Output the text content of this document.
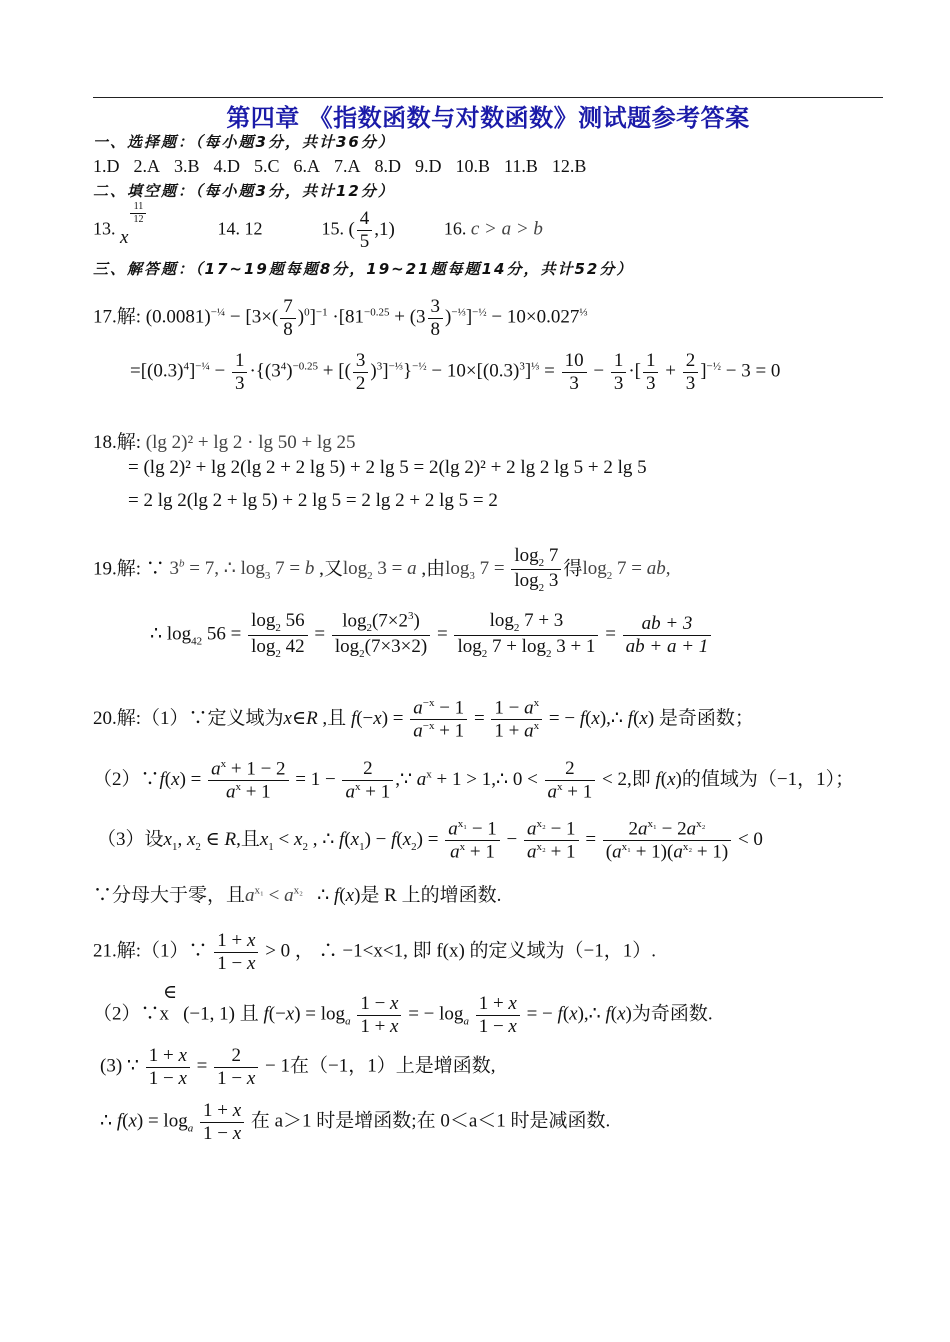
第四章 《指数函数与对数函数》测试题参考答案
一、选择题：（每小题3分，共计36分）
1.D 2.A 3.B 4.D 5.C 6.A 7.A 8.D 9.D 10.B 11.B 12.B
二、填空题：（每小题3分，共计12分）
13. x
$^{\frac{11}{12}}$
14. 12	15. ( $\frac{4}{5} ,1$)	16. c > a > b
三、解答题：（17~19题每题8分，19~21题每题14分，共计52分）
17.解: $(0.0081)^{-\frac{1}{4}} - [3\times( \frac{7}{8} )^0]^{-1} \cdot[81^{-0.25} + (3 \frac{3}{8} )^{-\frac{1}{3}}]^{-\frac{1}{2}} - 10\times 0.027^{\frac{1}{3}}$
$=[(0.3)^4]^{-\frac{1}{4}} - \frac{1}{3} \cdot\{(3^4)^{-0.25}$ + [( $\frac{3}{2} )^3]^{-\frac{1}{3}}\}^{-\frac{1}{2}} - 10\times[(0.3)^3]^{\frac{1}{3}} = \frac{10}{3} - \frac{1}{3}$ ·[ $\frac{1}{3} + \frac{2}{3} ]^{-\frac{1}{2}} - 3 = 0$
18.解: (lg 2)² + lg 2 · lg 50 + lg 25
= (lg 2)² + lg 2(lg 2 + 2 lg 5) + 2 lg 5 = 2(lg 2)² + 2 lg 2 lg 5 + 2 lg 5
= 2 lg 2(lg 2 + lg 5) + 2 lg 5 = 2 lg 2 + 2 lg 5 = 2
19.解: ∵ $3^b = 7$, ∴ $\log_3 7 = b$ ,又$\log_2 3 = a$ ,由$\log_3 7 = \frac{\log_2 7}{\log_2 3}$ 得$\log_2 7$ = ab,
∴ $\log_{42} 56 = \frac{\log_2 56}{\log_2 42} = \frac{\log_2(7\times 2^3)}{\log_2(7\times 3\times 2)} = \frac{\log_2 7 + 3}{\log_2 7 + \log_2 3 + 1} = \frac{ab + 3}{ab + a + 1}$
20.解:（1）∵定义域为x∈R ,且 $f(-x) = \frac{a^{-x} - 1}{a^{-x} + 1} = \frac{1 - a^x}{1 + a^x}$ = − f(x),∴ f(x) 是奇函数；
（2）∵f(x) = $\frac{a^x + 1 - 2}{a^x + 1} = 1 - \frac{2}{a^x + 1}$ ,∵ $a^x + 1$ > 1,∴ $0 < \frac{2}{a^x + 1} < 2$,即 f(x)的值域为（−1，1）；
（3）设$x_1$, $x_2$ ∈ R,且$x_1 < x_2$ , ∴ $f(x_1) - f(x_2) = \frac{a^{x_1} - 1}{a^x + 1} - \frac{a^{x_2} - 1}{a^{x_2} + 1} = \frac{2a^{x_1} - 2a^{x_2}}{(a^{x_1} + 1)(a^{x_2} + 1)} < 0$
∵分母大于零，且$a^{x_1} < a^{x_2}$   ∴ f(x)是 R 上的增函数.
21.解:（1）∵ $\frac{1 + x}{1 - x} > 0$ ， ∴ −1<x<1, 即 f(x) 的定义域为（−1，1）.
（2）∵x∈(−1, 1) 且 $f(-x) = \log_a \frac{1 - x}{1 + x}$ = − $\log_a \frac{1 + x}{1 - x}$ = − f(x),∴ f(x)为奇函数.
(3) ∵ $\frac{1 + x}{1 - x} = \frac{2}{1 - x} - 1$在（−1，1）上是增函数,
∴ $f(x) = \log_a \frac{1 + x}{1 - x}$ 在 a＞1 时是增函数;在 0＜a＜1 时是减函数.
